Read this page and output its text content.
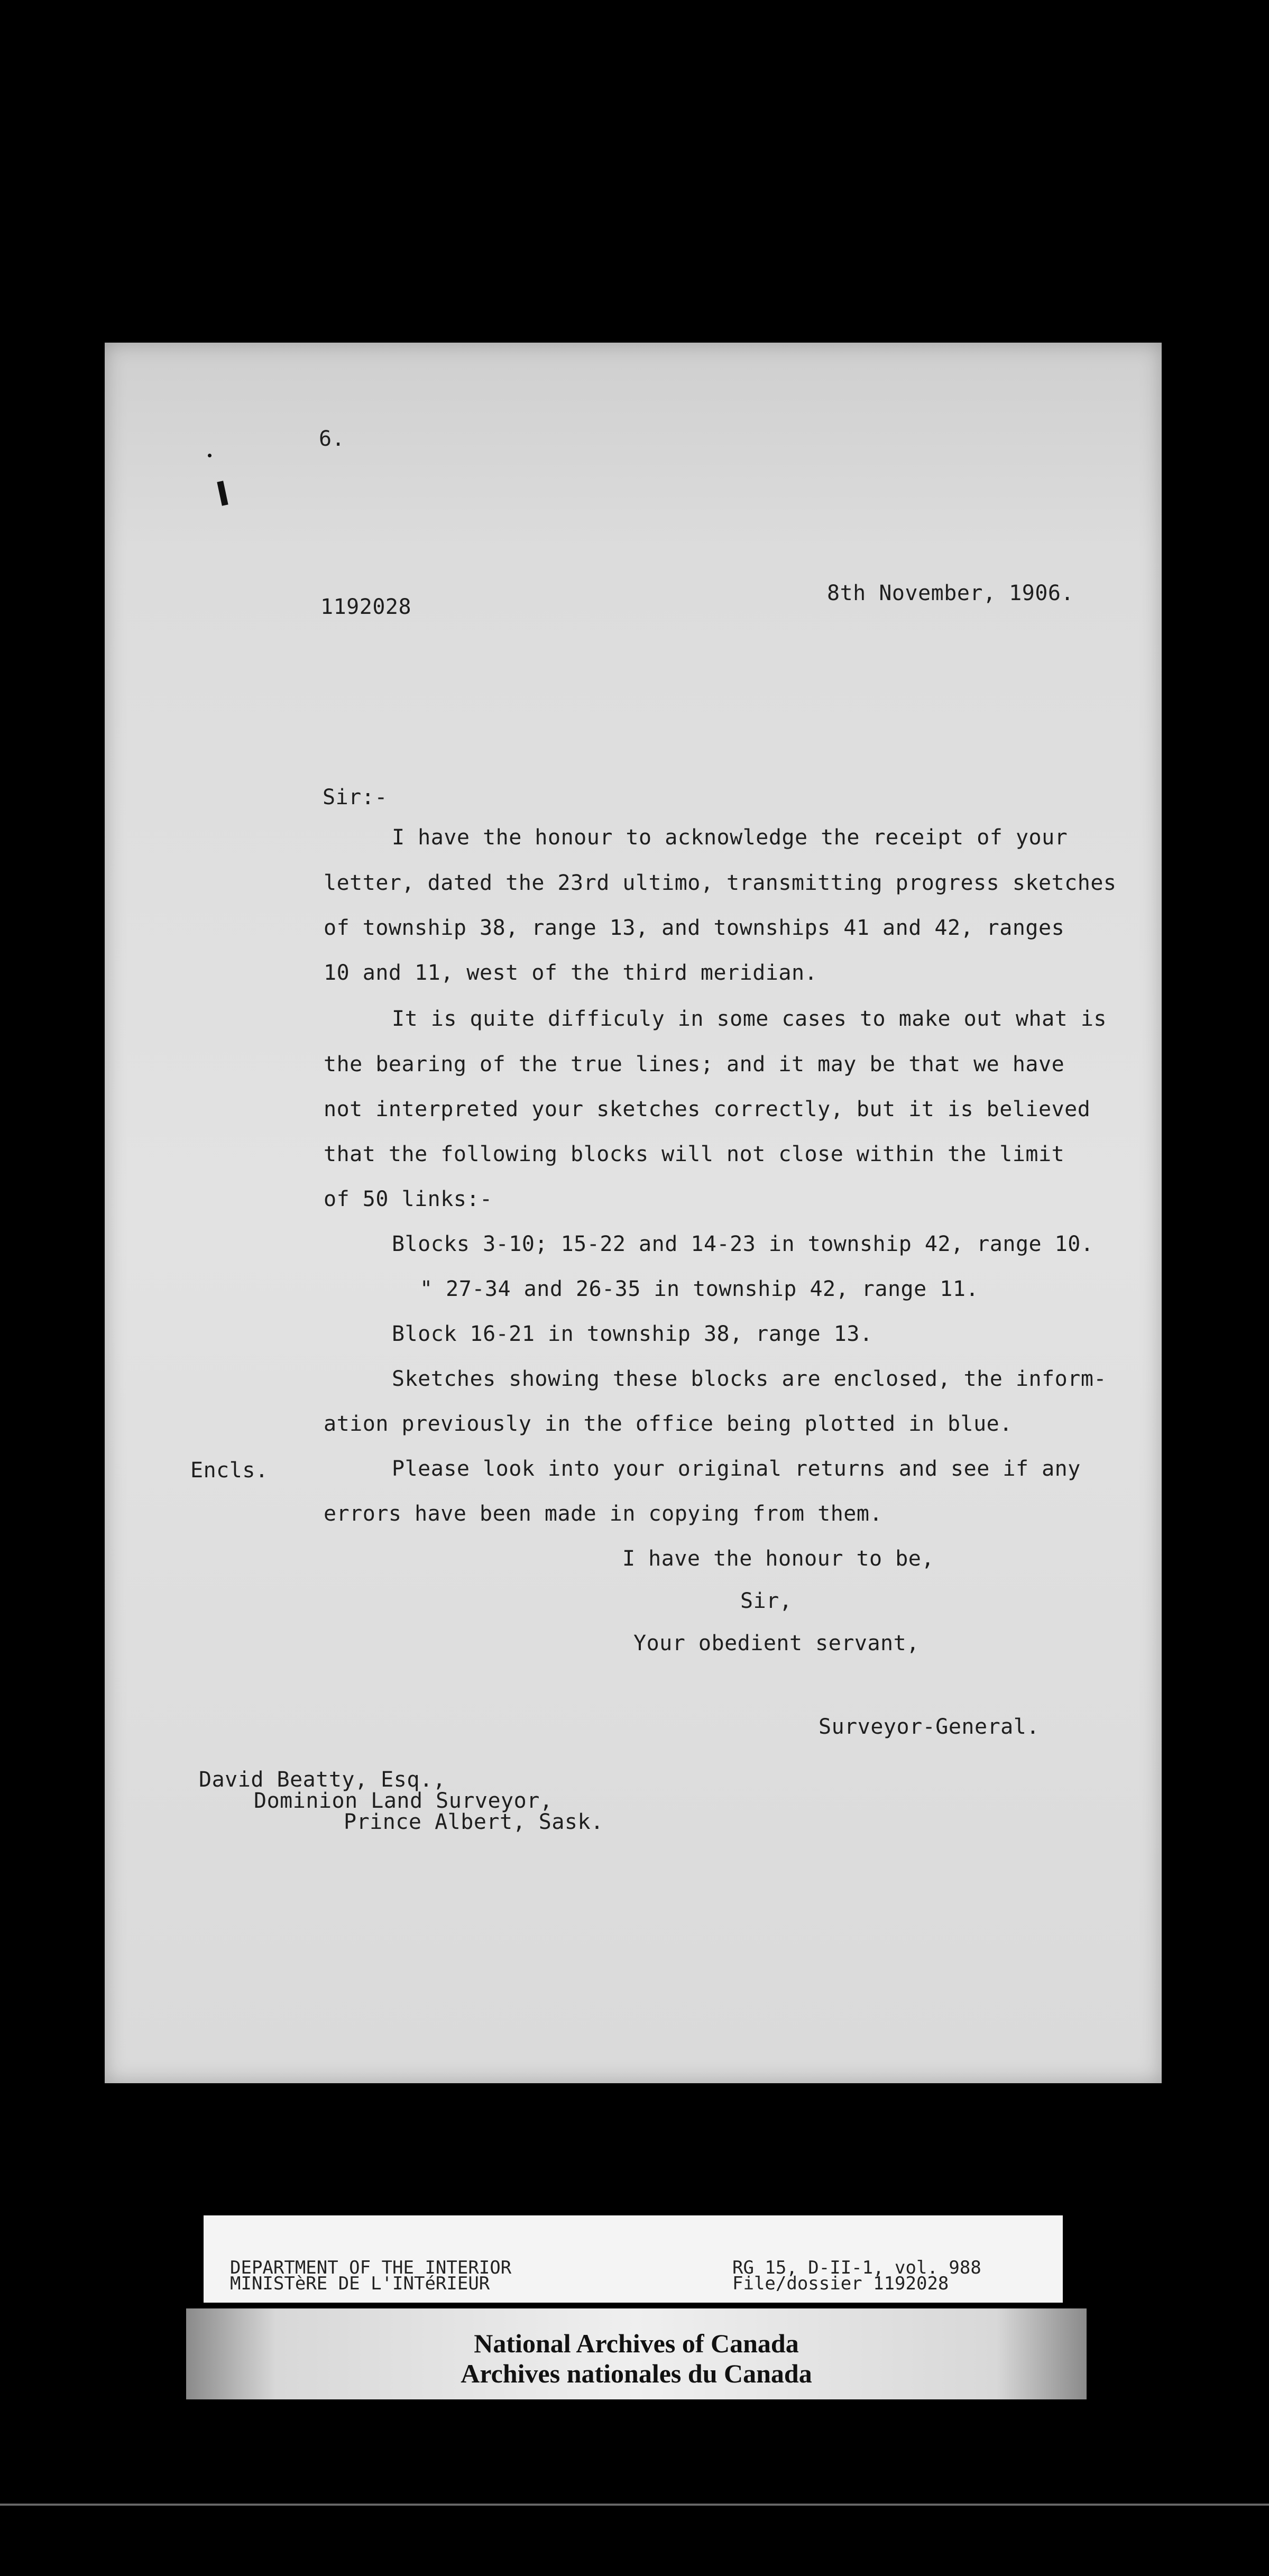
6.
1192028
8th November, 1906.
Sir:-
I have the honour to acknowledge the receipt of your
letter, dated the 23rd ultimo, transmitting progress sketches
of township 38, range 13, and townships 41 and 42, ranges
10 and 11, west of the third meridian.
It is quite difficuly in some cases to make out what is
the bearing of the true lines; and it may be that we have
not interpreted your sketches correctly, but it is believed
that the following blocks will not close within the limit
of 50 links:-
Blocks 3-10; 15-22 and 14-23 in township 42, range 10.
" 27-34 and 26-35 in township 42, range 11.
Block 16-21 in township 38, range 13.
Sketches showing these blocks are enclosed, the inform-
ation previously in the office being plotted in blue.
Please look into your original returns and see if any
errors have been made in copying from them.
Encls.
I have the honour to be,
Sir,
Your obedient servant,
Surveyor-General.
David Beatty, Esq.,
Dominion Land Surveyor,
Prince Albert, Sask.
DEPARTMENT OF THE INTERIOR
MINISTèRE DE L'INTéRIEUR
RG 15, D-II-1, vol. 988
File/dossier 1192028
National Archives of Canada
Archives nationales du Canada
